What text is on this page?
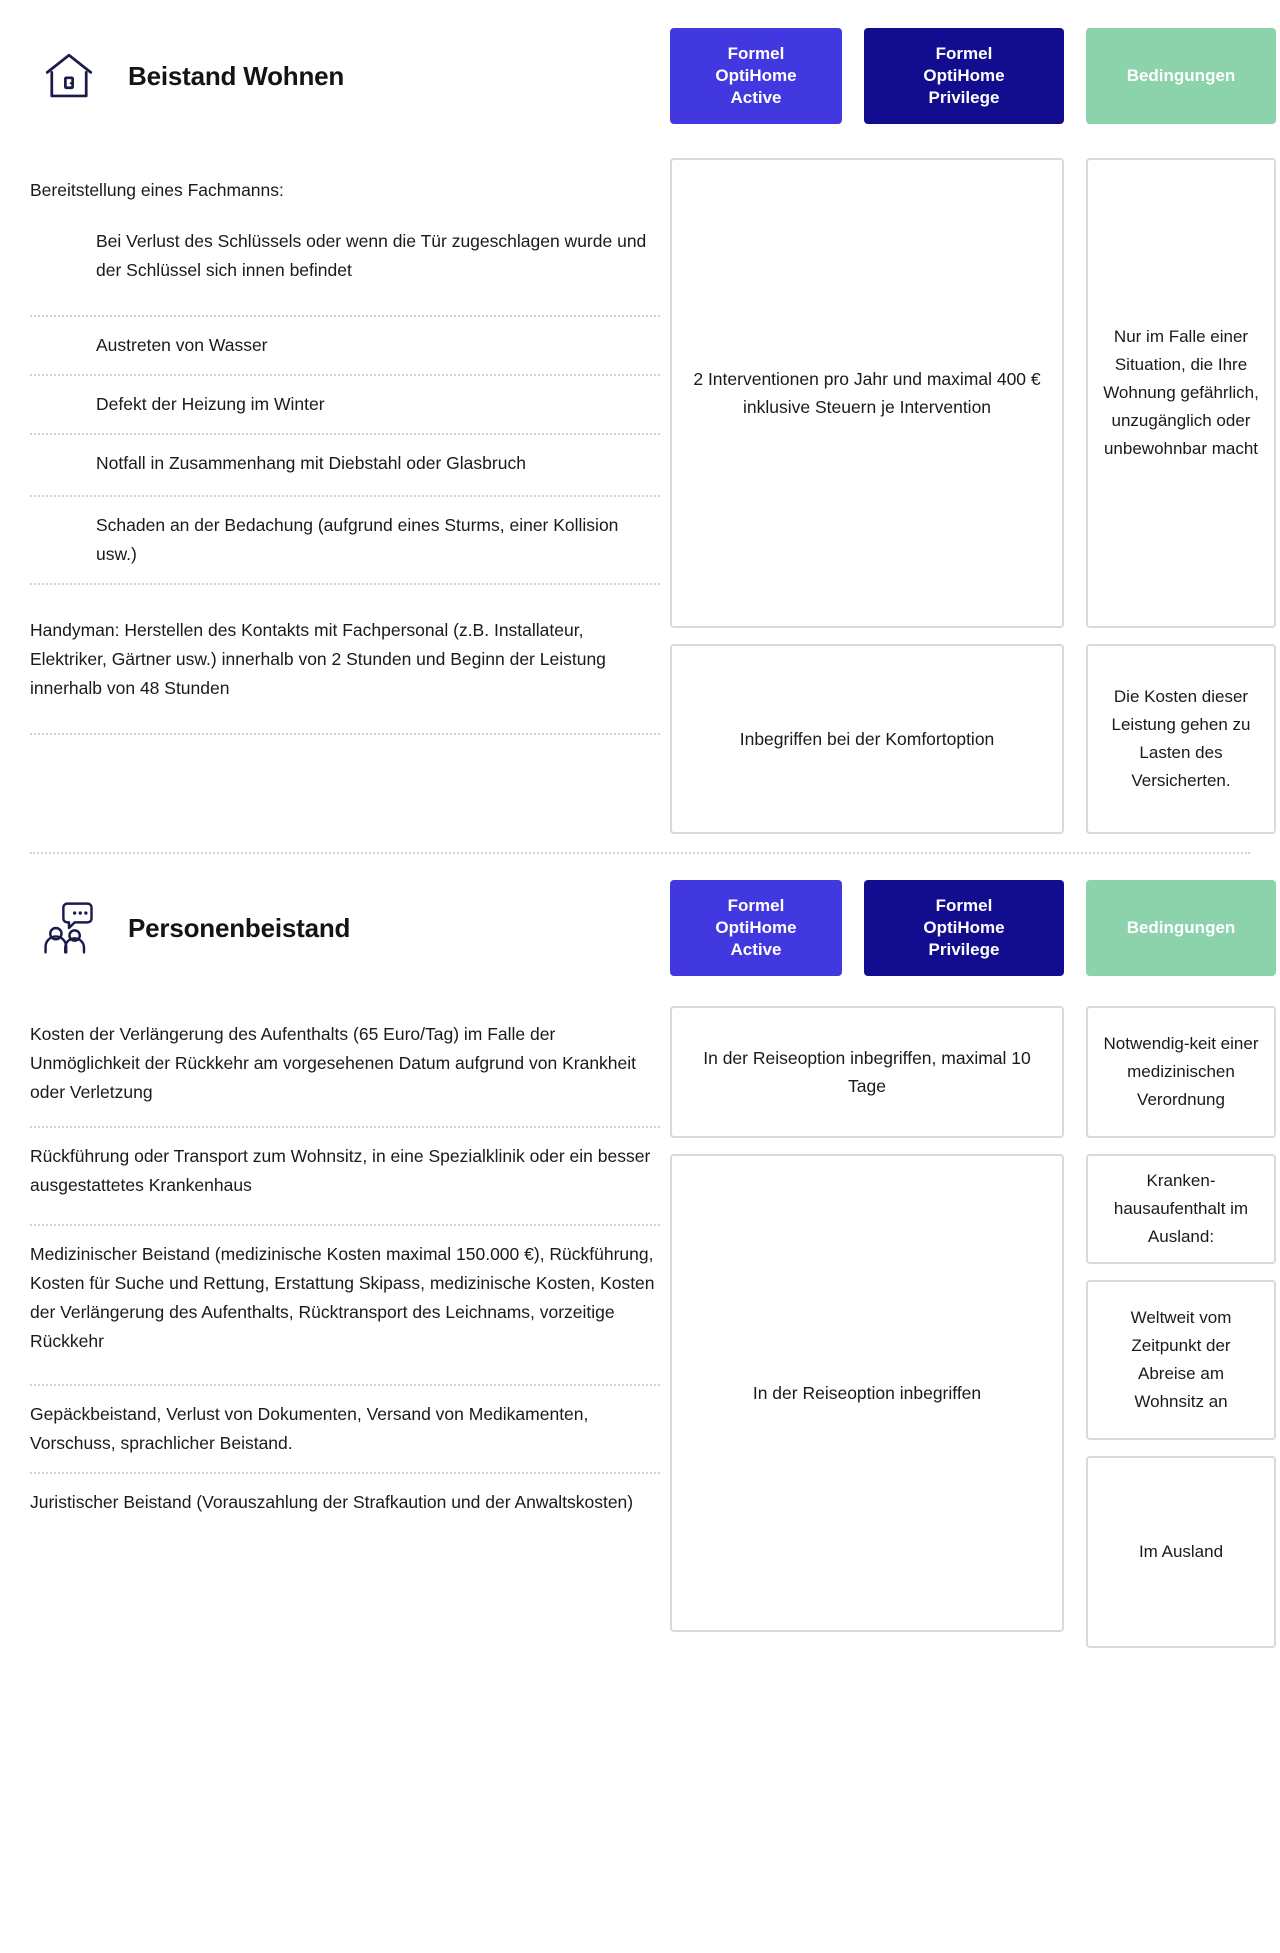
Beistand Wohnen
Formel
OptiHome
Active
Formel
OptiHome
Privilege
Bedingungen
Bereitstellung eines Fachmanns:
Bei Verlust des Schlüssels oder wenn die Tür zugeschlagen wurde und der Schlüssel sich innen befindet
Austreten von Wasser
Defekt der Heizung im Winter
Notfall in Zusammenhang mit Diebstahl oder Glasbruch
Schaden an der Bedachung (aufgrund eines Sturms, einer Kollision usw.)
Handyman: Herstellen des Kontakts mit Fachpersonal (z.B. Installateur, Elektriker, Gärtner usw.) innerhalb von 2 Stunden und Beginn der Leistung innerhalb von 48 Stunden
2 Interventionen pro Jahr und maximal 400 € inklusive Steuern je Intervention
Inbegriffen bei der Komfortoption
Nur im Falle einer Situation, die Ihre Wohnung gefährlich, unzugänglich oder unbewohnbar macht
Die Kosten dieser Leistung gehen zu Lasten des Versicherten.
Personenbeistand
Formel
OptiHome
Active
Formel
OptiHome
Privilege
Bedingungen
Kosten der Verlängerung des Aufenthalts (65 Euro/Tag) im Falle der Unmöglichkeit der Rückkehr am vorgesehenen Datum aufgrund von Krankheit oder Verletzung
Rückführung oder Transport zum Wohnsitz, in eine Spezialklinik oder ein besser ausgestattetes Krankenhaus
Medizinischer Beistand (medizinische Kosten maximal 150.000 €), Rückführung, Kosten für Suche und Rettung, Erstattung Skipass, medizinische Kosten, Kosten der Verlängerung des Aufenthalts, Rücktransport des Leichnams, vorzeitige Rückkehr
Gepäckbeistand, Verlust von Dokumenten, Versand von Medikamenten, Vorschuss, sprachlicher Beistand.
Juristischer Beistand (Vorauszahlung der Strafkaution und der Anwaltskosten)
In der Reiseoption inbegriffen, maximal 10 Tage
In der Reiseoption inbegriffen
Notwendig-keit einer medizinischen Verordnung
Kranken-hausaufenthalt im Ausland:
Weltweit vom Zeitpunkt der Abreise am Wohnsitz an
Im Ausland
